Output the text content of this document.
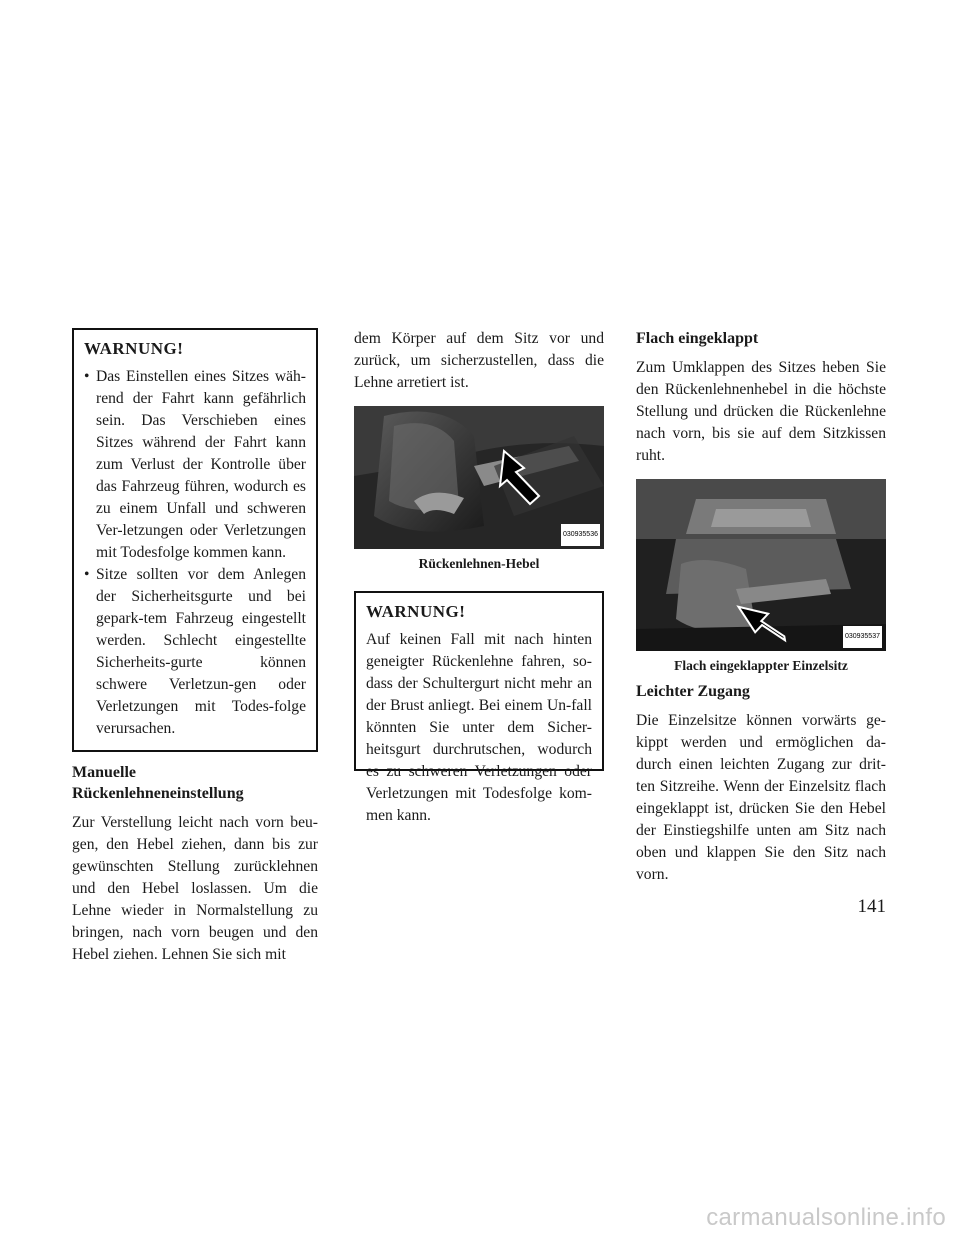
WARNUNG!
• Das Einstellen eines Sitzes wäh-rend der Fahrt kann gefährlich sein. Das Verschieben eines Sitzes während der Fahrt kann zum Verlust der Kontrolle über das Fahrzeug führen, wodurch es zu einem Unfall und schweren Ver-letzungen oder Verletzungen mit Todesfolge kommen kann.
• Sitze sollten vor dem Anlegen der Sicherheitsgurte und bei gepark-tem Fahrzeug eingestellt werden. Schlecht eingestellte Sicherheits-gurte können schwere Verletzun-gen oder Verletzungen mit Todes-folge verursachen.
Manuelle
Rückenlehneneinstellung

Zur Verstellung leicht nach vorn beu-gen, den Hebel ziehen, dann bis zur gewünschten Stellung zurücklehnen und den Hebel loslassen. Um die Lehne wieder in Normalstellung zu bringen, nach vorn beugen und den Hebel ziehen. Lehnen Sie sich mit

dem Körper auf dem Sitz vor und zurück, um sicherzustellen, dass die Lehne arretiert ist.

030935536
Rückenlehnen-Hebel
WARNUNG!

Auf keinen Fall mit nach hinten geneigter Rückenlehne fahren, so-dass der Schultergurt nicht mehr an der Brust anliegt. Bei einem Un-fall könnten Sie unter dem Sicher-heitsgurt durchrutschen, wodurch es zu schweren Verletzungen oder Verletzungen mit Todesfolge kom-men kann.

Flach eingeklappt

Zum Umklappen des Sitzes heben Sie den Rückenlehnenhebel in die höchste Stellung und drücken die Rückenlehne nach vorn, bis sie auf dem Sitzkissen ruht.

030935537
Flach eingeklappter Einzelsitz
Leichter Zugang

Die Einzelsitze können vorwärts ge-kippt werden und ermöglichen da-durch einen leichten Zugang zur drit-ten Sitzreihe. Wenn der Einzelsitz flach eingeklappt ist, drücken Sie den Hebel der Einstiegshilfe unten am Sitz nach oben und klappen Sie den Sitz nach vorn.

141
carmanualsonline.info
